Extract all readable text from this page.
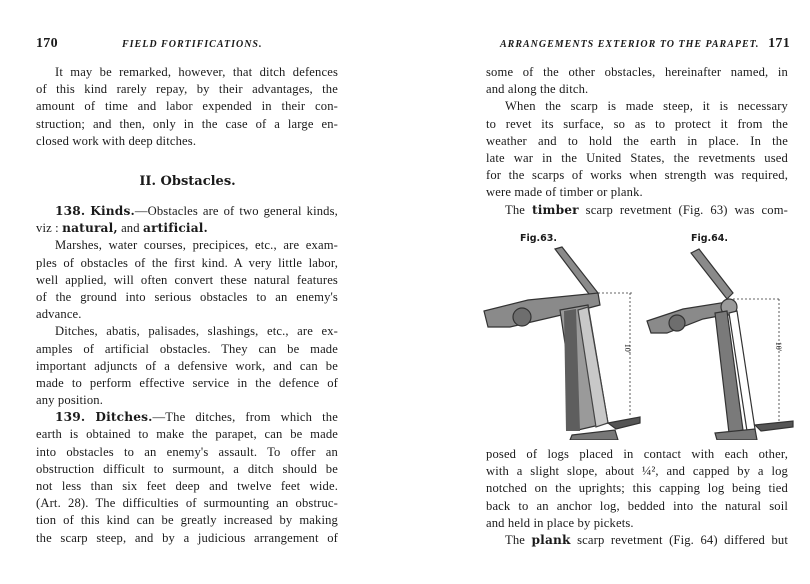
170	FIELD FORTIFICATIONS.
It may be remarked, however, that ditch defences
of this kind rarely repay, by their advantages, the
amount of time and labor expended in their con-
struction; and then, only in the case of a large en-
closed work with deep ditches.
II. Obstacles.
138. Kinds.—Obstacles are of two general kinds,
viz : natural, and artificial.
Marshes, water courses, precipices, etc., are exam-
ples of obstacles of the first kind. A very little labor,
well applied, will often convert these natural features
of the ground into serious obstacles to an enemy's
advance.
Ditches, abatis, palisades, slashings, etc., are ex-
amples of artificial obstacles. They can be made
important adjuncts of a defensive work, and can be
made to perform effective service in the defence of
any position.
139. Ditches.—The ditches, from which the
earth is obtained to make the parapet, can be made
into obstacles to an enemy's assault. To offer an
obstruction difficult to surmount, a ditch should be
not less than six feet deep and twelve feet wide.
(Art. 28). The difficulties of surmounting an obstruc-
tion of this kind can be greatly increased by making
the scarp steep, and by a judicious arrangement of
ARRANGEMENTS EXTERIOR TO THE PARAPET. 171
some of the other obstacles, hereinafter named, in
and along the ditch.
When the scarp is made steep, it is necessary
to revet its surface, so as to protect it from the
weather and to hold the earth in place. In the
late war in the United States, the revetments used
for the scarps of works when strength was required,
were made of timber or plank.
The timber scarp revetment (Fig. 63) was com-
Fig.63.
10'
Fig.64.
10'
posed of logs placed in contact with each other,
with a slight slope, about ¼², and capped by a log
notched on the uprights; this capping log being tied
back to an anchor log, bedded into the natural soil
and held in place by pickets.
The plank scarp revetment (Fig. 64) differed but
